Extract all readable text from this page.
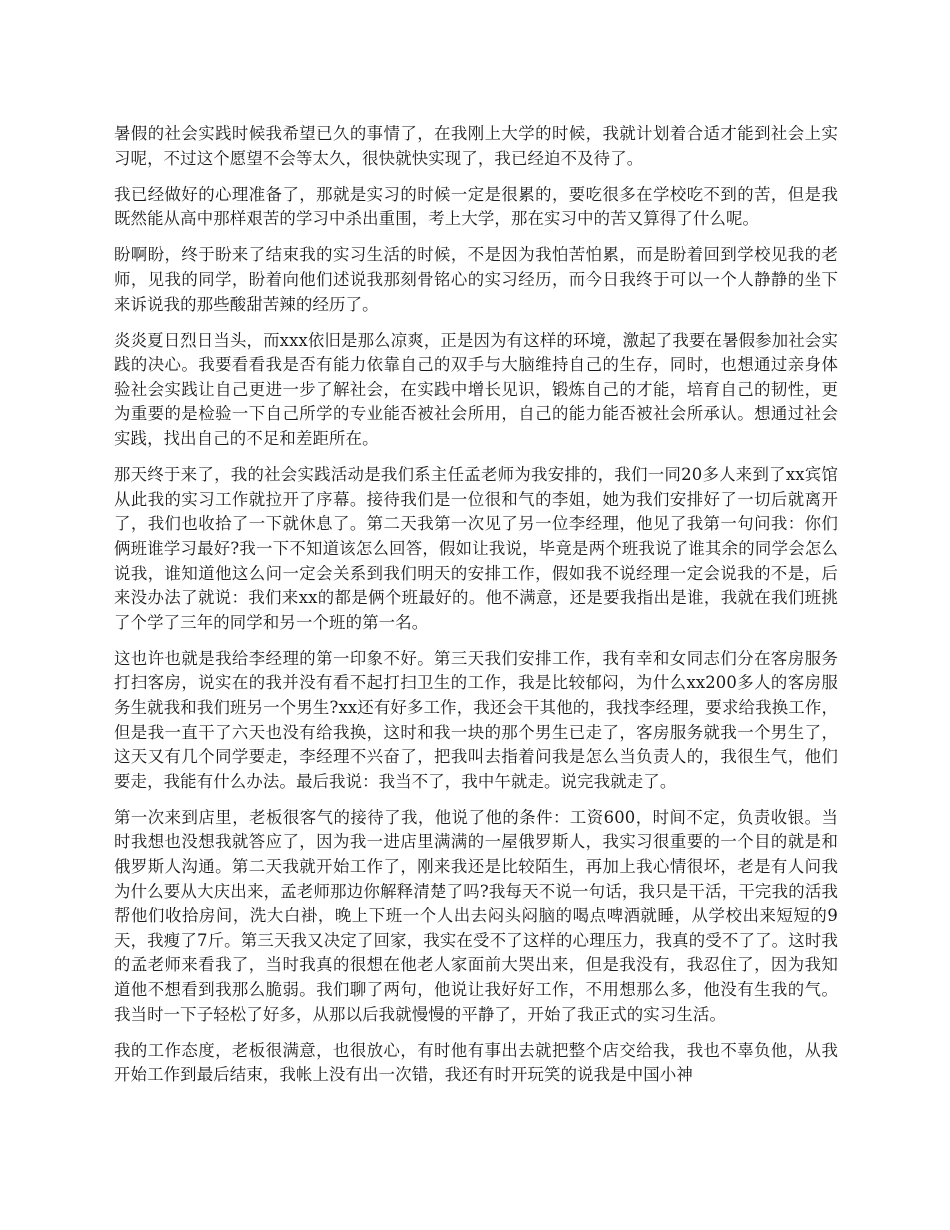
暑假的社会实践时候我希望已久的事情了，在我刚上大学的时候，我就计划着合适才能到社会上实习呢，不过这个愿望不会等太久，很快就快实现了，我已经迫不及待了。

我已经做好的心理准备了，那就是实习的时候一定是很累的，要吃很多在学校吃不到的苦，但是我既然能从高中那样艰苦的学习中杀出重围，考上大学，那在实习中的苦又算得了什么呢。

盼啊盼，终于盼来了结束我的实习生活的时候，不是因为我怕苦怕累，而是盼着回到学校见我的老师，见我的同学，盼着向他们述说我那刻骨铭心的实习经历，而今日我终于可以一个人静静的坐下来诉说我的那些酸甜苦辣的经历了。

炎炎夏日烈日当头，而xxx依旧是那么凉爽，正是因为有这样的环境，激起了我要在暑假参加社会实践的决心。我要看看我是否有能力依靠自己的双手与大脑维持自己的生存，同时，也想通过亲身体验社会实践让自己更进一步了解社会，在实践中增长见识，锻炼自己的才能，培育自己的韧性，更为重要的是检验一下自己所学的专业能否被社会所用，自己的能力能否被社会所承认。想通过社会实践，找出自己的不足和差距所在。

那天终于来了，我的社会实践活动是我们系主任孟老师为我安排的，我们一同20多人来到了xx宾馆从此我的实习工作就拉开了序幕。接待我们是一位很和气的李姐，她为我们安排好了一切后就离开了，我们也收拾了一下就休息了。第二天我第一次见了另一位李经理，他见了我第一句问我：你们俩班谁学习最好?我一下不知道该怎么回答，假如让我说，毕竟是两个班我说了谁其余的同学会怎么说我，谁知道他这么问一定会关系到我们明天的安排工作，假如我不说经理一定会说我的不是，后来没办法了就说：我们来xx的都是俩个班最好的。他不满意，还是要我指出是谁，我就在我们班挑了个学了三年的同学和另一个班的第一名。

这也许也就是我给李经理的第一印象不好。第三天我们安排工作，我有幸和女同志们分在客房服务打扫客房，说实在的我并没有看不起打扫卫生的工作，我是比较郁闷，为什么xx200多人的客房服务生就我和我们班另一个男生?xx还有好多工作，我还会干其他的，我找李经理，要求给我换工作，但是我一直干了六天也没有给我换，这时和我一块的那个男生已走了，客房服务就我一个男生了，这天又有几个同学要走，李经理不兴奋了，把我叫去指着问我是怎么当负责人的，我很生气，他们要走，我能有什么办法。最后我说：我当不了，我中午就走。说完我就走了。

第一次来到店里，老板很客气的接待了我，他说了他的条件：工资600，时间不定，负责收银。当时我想也没想我就答应了，因为我一进店里满满的一屋俄罗斯人，我实习很重要的一个目的就是和俄罗斯人沟通。第二天我就开始工作了，刚来我还是比较陌生，再加上我心情很坏，老是有人问我为什么要从大庆出来，孟老师那边你解释清楚了吗?我每天不说一句话，我只是干活，干完我的活我帮他们收拾房间，洗大白褂，晚上下班一个人出去闷头闷脑的喝点啤酒就睡，从学校出来短短的9天，我瘦了7斤。第三天我又决定了回家，我实在受不了这样的心理压力，我真的受不了了。这时我的孟老师来看我了，当时我真的很想在他老人家面前大哭出来，但是我没有，我忍住了，因为我知道他不想看到我那么脆弱。我们聊了两句，他说让我好好工作，不用想那么多，他没有生我的气。我当时一下子轻松了好多，从那以后我就慢慢的平静了，开始了我正式的实习生活。

我的工作态度，老板很满意，也很放心，有时他有事出去就把整个店交给我，我也不辜负他，从我开始工作到最后结束，我帐上没有出一次错，我还有时开玩笑的说我是中国小神
